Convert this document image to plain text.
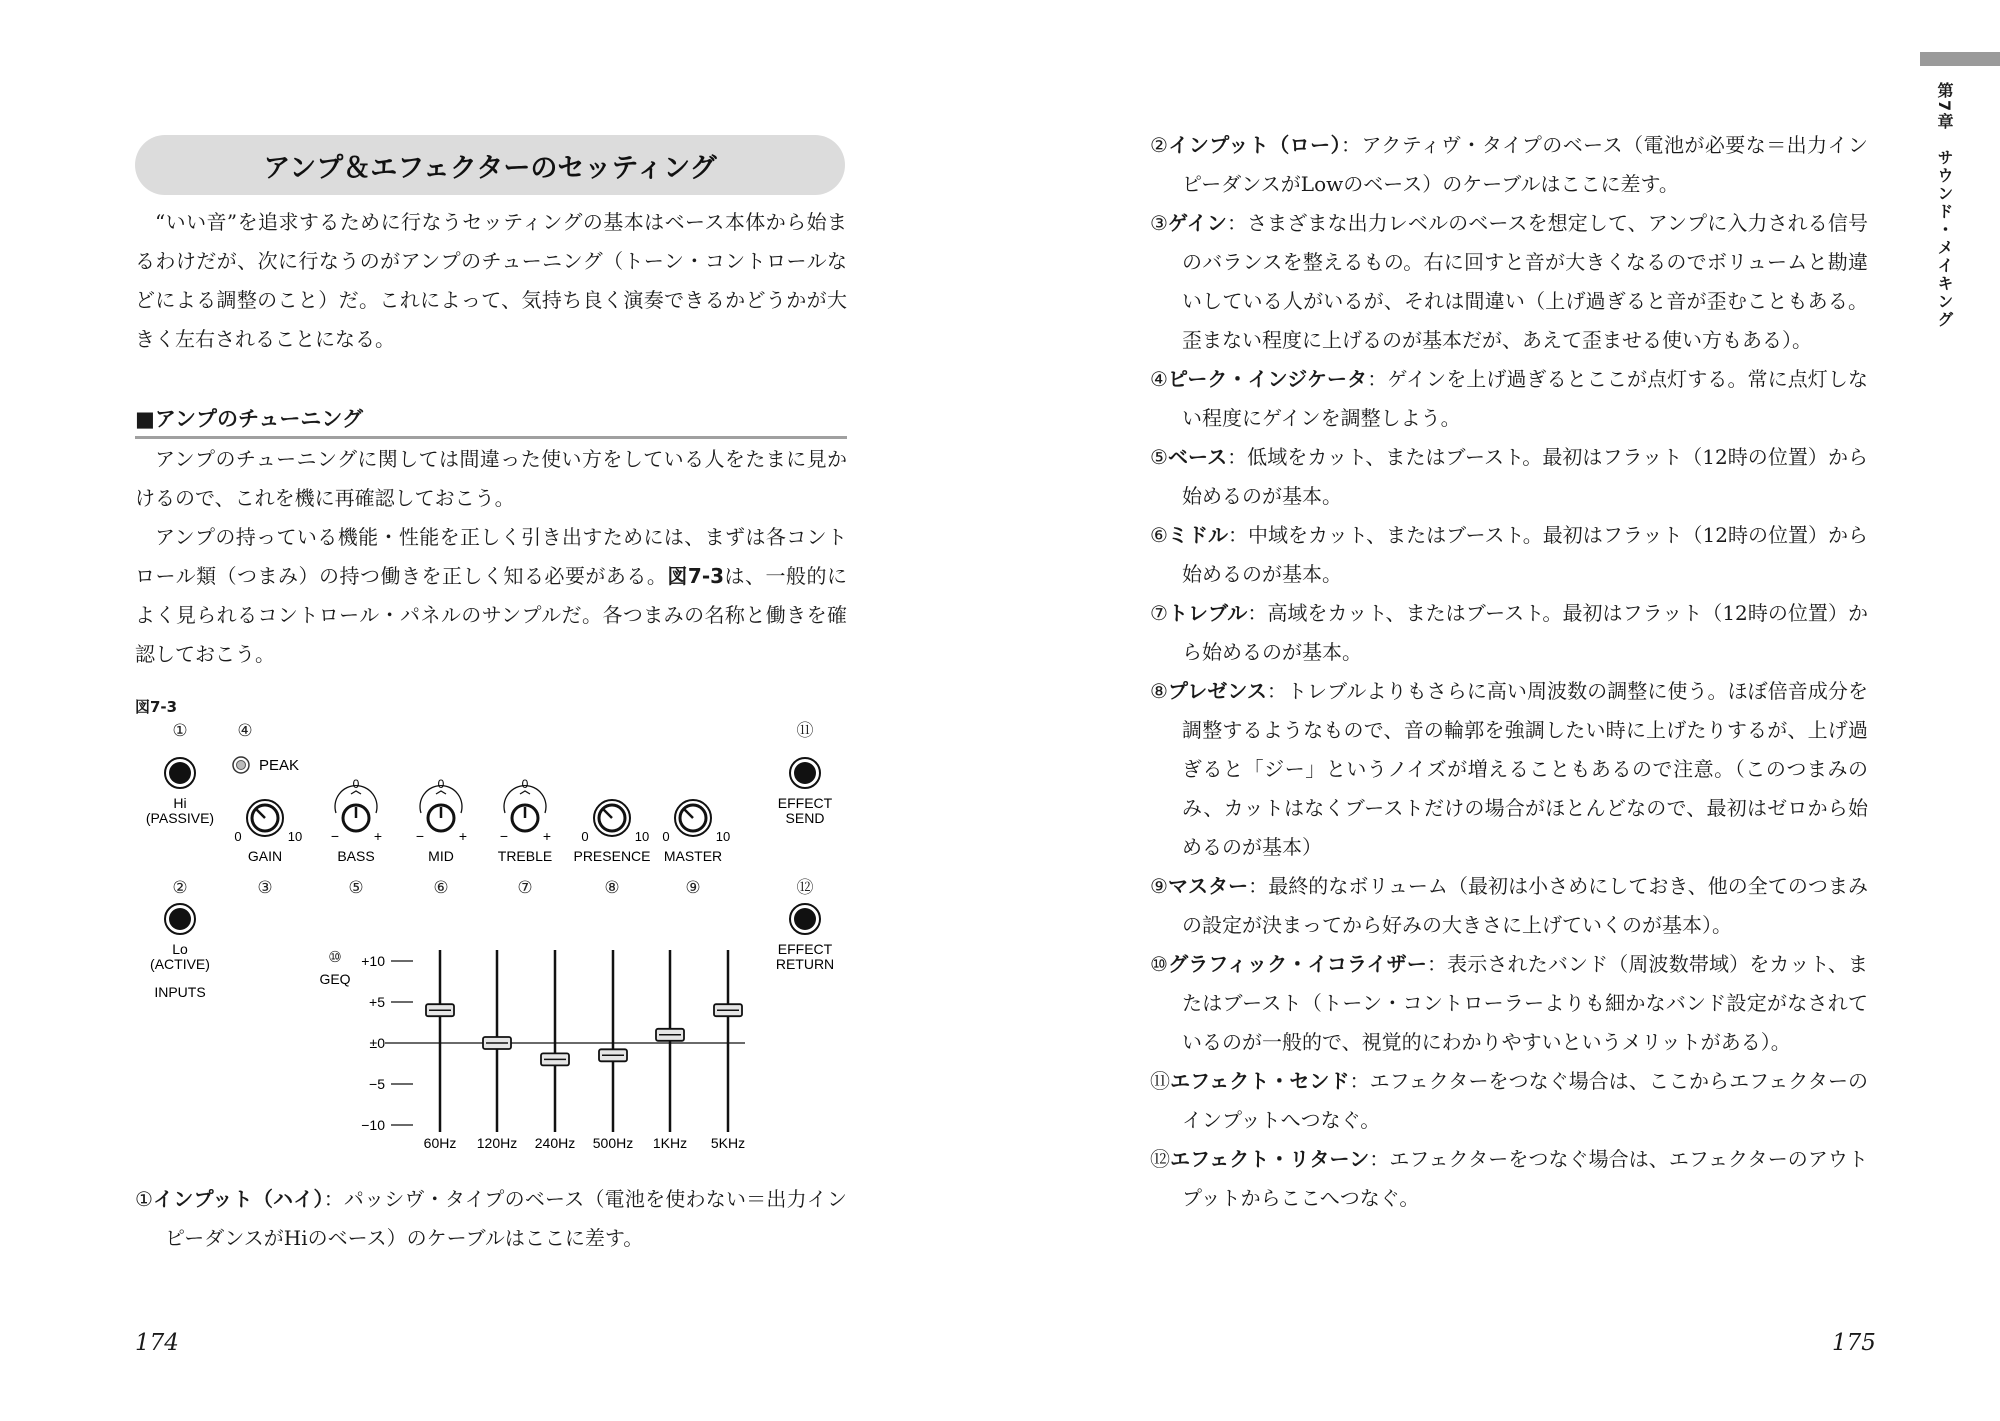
アンプ＆エフェクターのセッティング

“いい音”を追求するために行なうセッティングの基本はベース本体から始まるわけだが、次に行なうのがアンプのチューニング（トーン・コントロールなどによる調整のこと）だ。これによって、気持ち良く演奏できるかどうかが大きく左右されることになる。

■アンプのチューニング

アンプのチューニングに関しては間違った使い方をしている人をたまに見かけるので、これを機に再確認しておこう。

アンプの持っている機能・性能を正しく引き出すためには、まずは各コントロール類（つまみ）の持つ働きを正しく知る必要がある。図7-3は、一般的によく見られるコントロール・パネルのサンプルだ。各つまみの名称と働きを確認しておこう。

図7-3
①	④	⑪
②	③	⑤	⑥	⑦	⑧	⑨	⑫
⑩
Hi
(PASSIVE)
PEAK
0	10
0
− +
0
− +
0
− + 0	10 0	10
GAIN	BASS	MID	TREBLE PRESENCE MASTER
EFFECT
SEND
Lo
(ACTIVE)
INPUTS
EFFECT
RETURN
GEQ
+10
+5
±0
−5
−10
60Hz 120Hz 240Hz 500Hz 1KHz 5KHz

①インプット（ハイ）：パッシヴ・タイプのベース（電池を使わない＝出力インピーダンスがHiのベース）のケーブルはここに差す。

②インプット（ロー）：アクティヴ・タイプのベース（電池が必要な＝出力インピーダンスがLowのベース）のケーブルはここに差す。

③ゲイン：さまざまな出力レベルのベースを想定して、アンプに入力される信号のバランスを整えるもの。右に回すと音が大きくなるのでボリュームと勘違いしている人がいるが、それは間違い（上げ過ぎると音が歪むこともある。歪まない程度に上げるのが基本だが、あえて歪ませる使い方もある）。

④ピーク・インジケータ：ゲインを上げ過ぎるとここが点灯する。常に点灯しない程度にゲインを調整しよう。

⑤ベース：低域をカット、またはブースト。最初はフラット（12時の位置）から始めるのが基本。

⑥ミドル：中域をカット、またはブースト。最初はフラット（12時の位置）から始めるのが基本。

⑦トレブル：高域をカット、またはブースト。最初はフラット（12時の位置）から始めるのが基本。

⑧プレゼンス：トレブルよりもさらに高い周波数の調整に使う。ほぼ倍音成分を調整するようなもので、音の輪郭を強調したい時に上げたりするが、上げ過ぎると「ジー」というノイズが増えることもあるので注意。（このつまみのみ、カットはなくブーストだけの場合がほとんどなので、最初はゼロから始めるのが基本）

⑨マスター：最終的なボリューム（最初は小さめにしておき、他の全てのつまみの設定が決まってから好みの大きさに上げていくのが基本）。

⑩グラフィック・イコライザー：表示されたバンド（周波数帯域）をカット、またはブースト（トーン・コントローラーよりも細かなバンド設定がなされているのが一般的で、視覚的にわかりやすいというメリットがある）。

⑪エフェクト・センド：エフェクターをつなぐ場合は、ここからエフェクターのインプットへつなぐ。

⑫エフェクト・リターン：エフェクターをつなぐ場合は、エフェクターのアウトプットからここへつなぐ。

174	175
第7章　サウンド・メイキング
